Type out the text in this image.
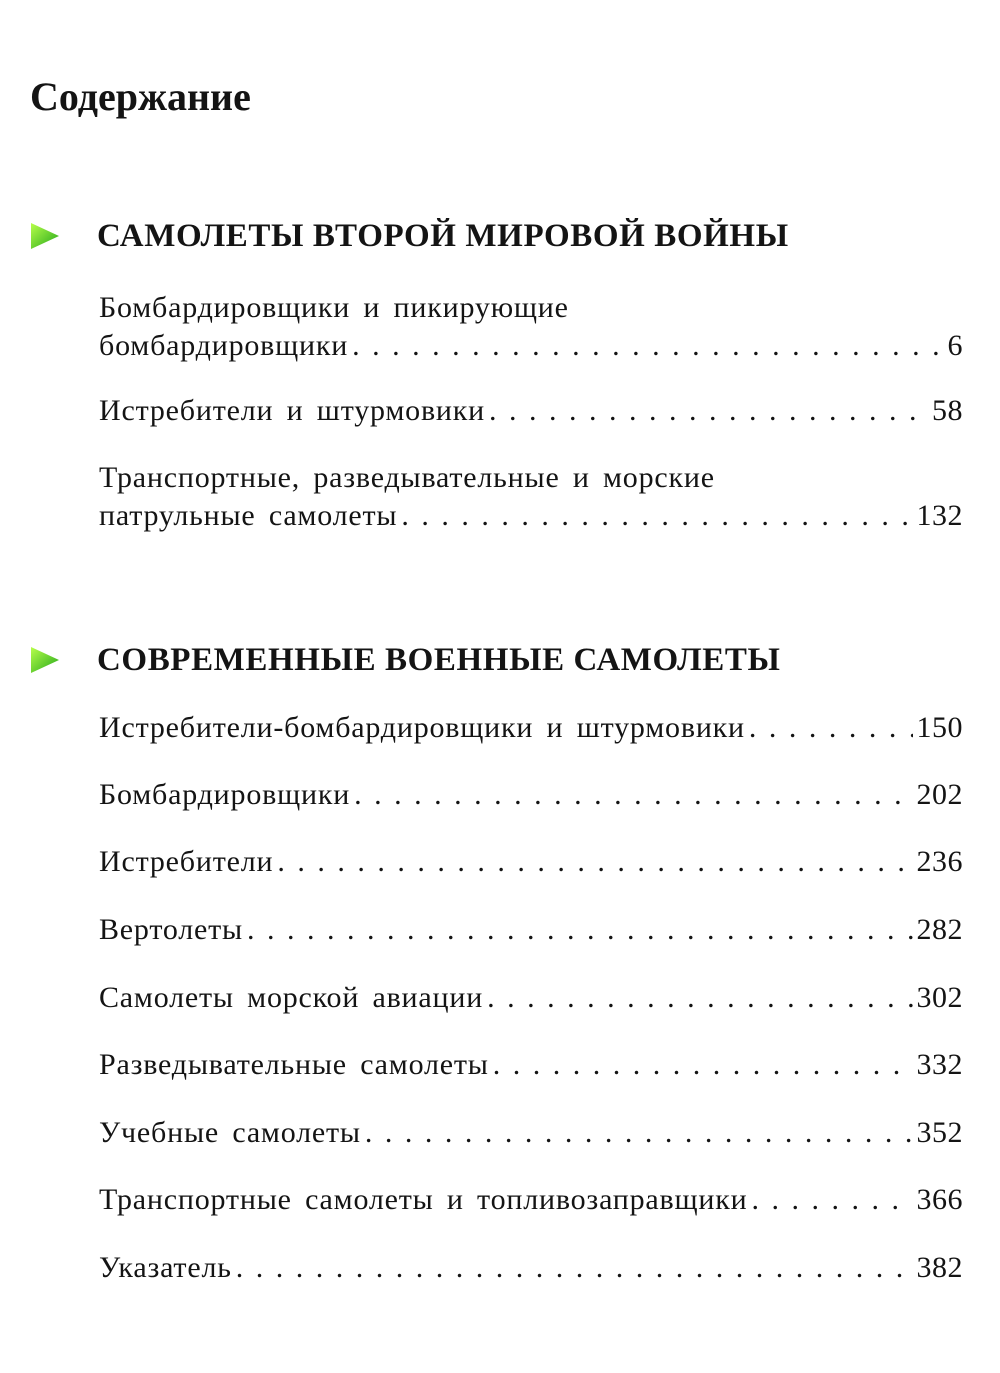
Содержание
САМОЛЕТЫ ВТОРОЙ МИРОВОЙ ВОЙНЫ
Бомбардировщики и пикирующие
бомбардировщики . . .	6
Истребители и штурмовики . . .	58
Транспортные, разведывательные и морские
патрульные самолеты . . .	132
СОВРЕМЕННЫЕ ВОЕННЫЕ САМОЛЕТЫ
Истребители-бомбардировщики и штурмовики . . .	150
Бомбардировщики . . .	202
Истребители . . .	236
Вертолеты . . .	282
Самолеты морской авиации . . .	302
Разведывательные самолеты . . .	332
Учебные самолеты . . .	352
Транспортные самолеты и топливозаправщики . . .	366
Указатель . . .	382
